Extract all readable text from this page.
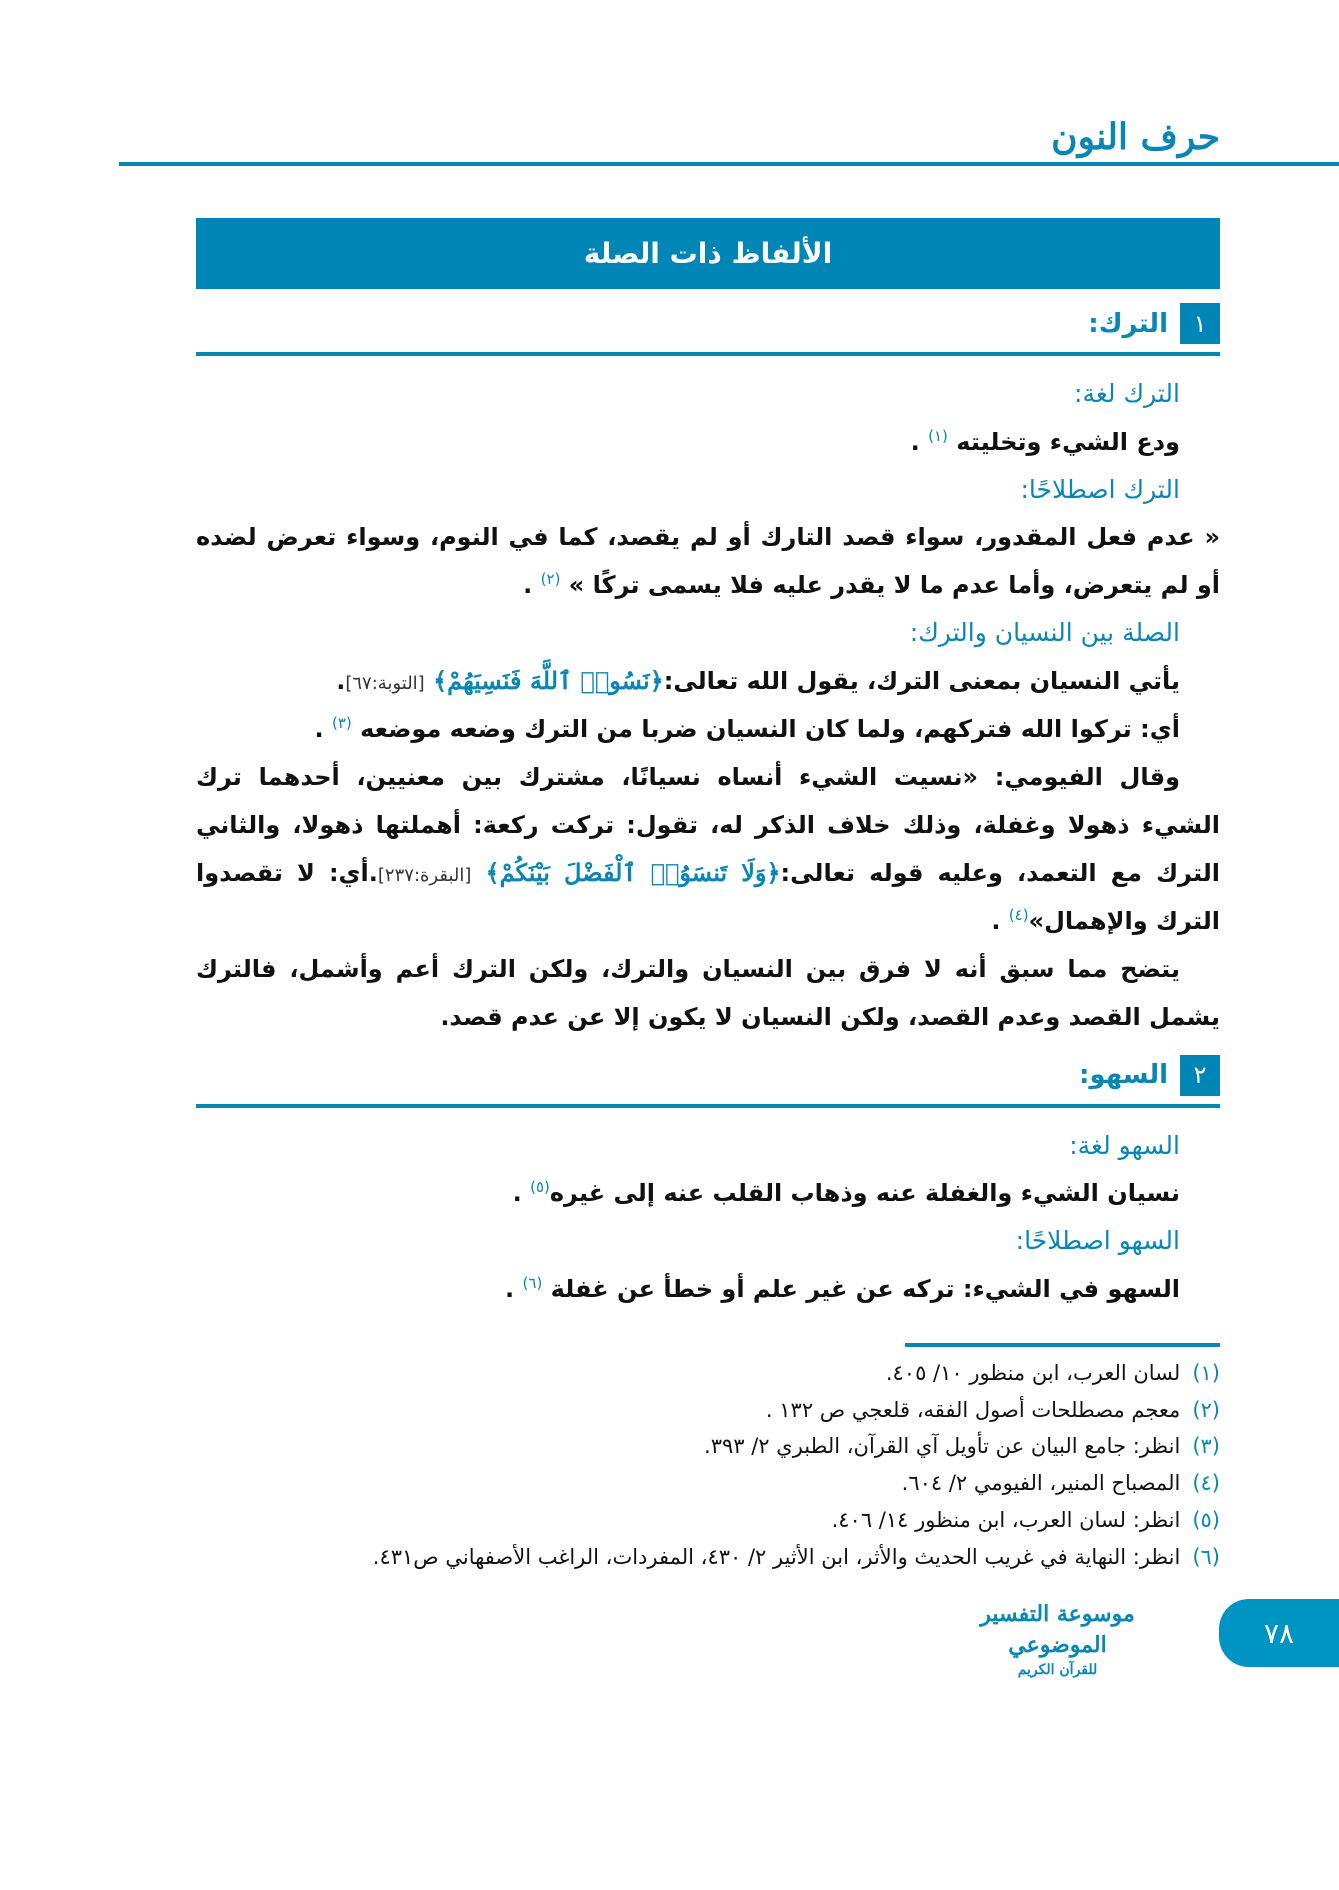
حرف النون
الألفاظ ذات الصلة
١
الترك:
الترك لغة:
ودع الشيء وتخليته $^{(١)}$ .
الترك اصطلاحًا:
« عدم فعل المقدور، سواء قصد التارك أو لم يقصد، كما في النوم، وسواء تعرض لضده أو لم يتعرض، وأما عدم ما لا يقدر عليه فلا يسمى تركًا » $^{(٢)}$ .
الصلة بين النسيان والترك:
يأتي النسيان بمعنى الترك، يقول الله تعالى:﴿نَسُوا۟ ٱللَّهَ فَنَسِيَهُمْ﴾ [التوبة:٦٧].
أي: تركوا الله فتركهم، ولما كان النسيان ضربا من الترك وضعه موضعه $^{(٣)}$ .
وقال الفيومي: «نسيت الشيء أنساه نسيانًا، مشترك بين معنيين، أحدهما ترك الشيء ذهولا وغفلة، وذلك خلاف الذكر له، تقول: تركت ركعة: أهملتها ذهولا، والثاني الترك مع التعمد، وعليه قوله تعالى:﴿وَلَا تَنسَوُا۟ ٱلْفَضْلَ بَيْنَكُمْ﴾ [البقرة:٢٣٧].أي: لا تقصدوا الترك والإهمال»$^{(٤)}$ .
يتضح مما سبق أنه لا فرق بين النسيان والترك، ولكن الترك أعم وأشمل، فالترك يشمل القصد وعدم القصد، ولكن النسيان لا يكون إلا عن عدم قصد.
٢
السهو:
السهو لغة:
نسيان الشيء والغفلة عنه وذهاب القلب عنه إلى غيره$^{(٥)}$ .
السهو اصطلاحًا:
السهو في الشيء: تركه عن غير علم أو خطأ عن غفلة $^{(٦)}$ .
(١)لسان العرب، ابن منظور ١٠/ ٤٠٥.
(٢)معجم مصطلحات أصول الفقه، قلعجي ص ١٣٢ .
(٣)انظر: جامع البيان عن تأويل آي القرآن، الطبري ٢/ ٣٩٣.
(٤)المصباح المنير، الفيومي ٢/ ٦٠٤.
(٥)انظر: لسان العرب، ابن منظور ١٤/ ٤٠٦.
(٦)انظر: النهاية في غريب الحديث والأثر، ابن الأثير ٢/ ٤٣٠، المفردات، الراغب الأصفهاني ص٤٣١.
موسوعة التفسير الموضوعي
للقرآن الكريم
٧٨
